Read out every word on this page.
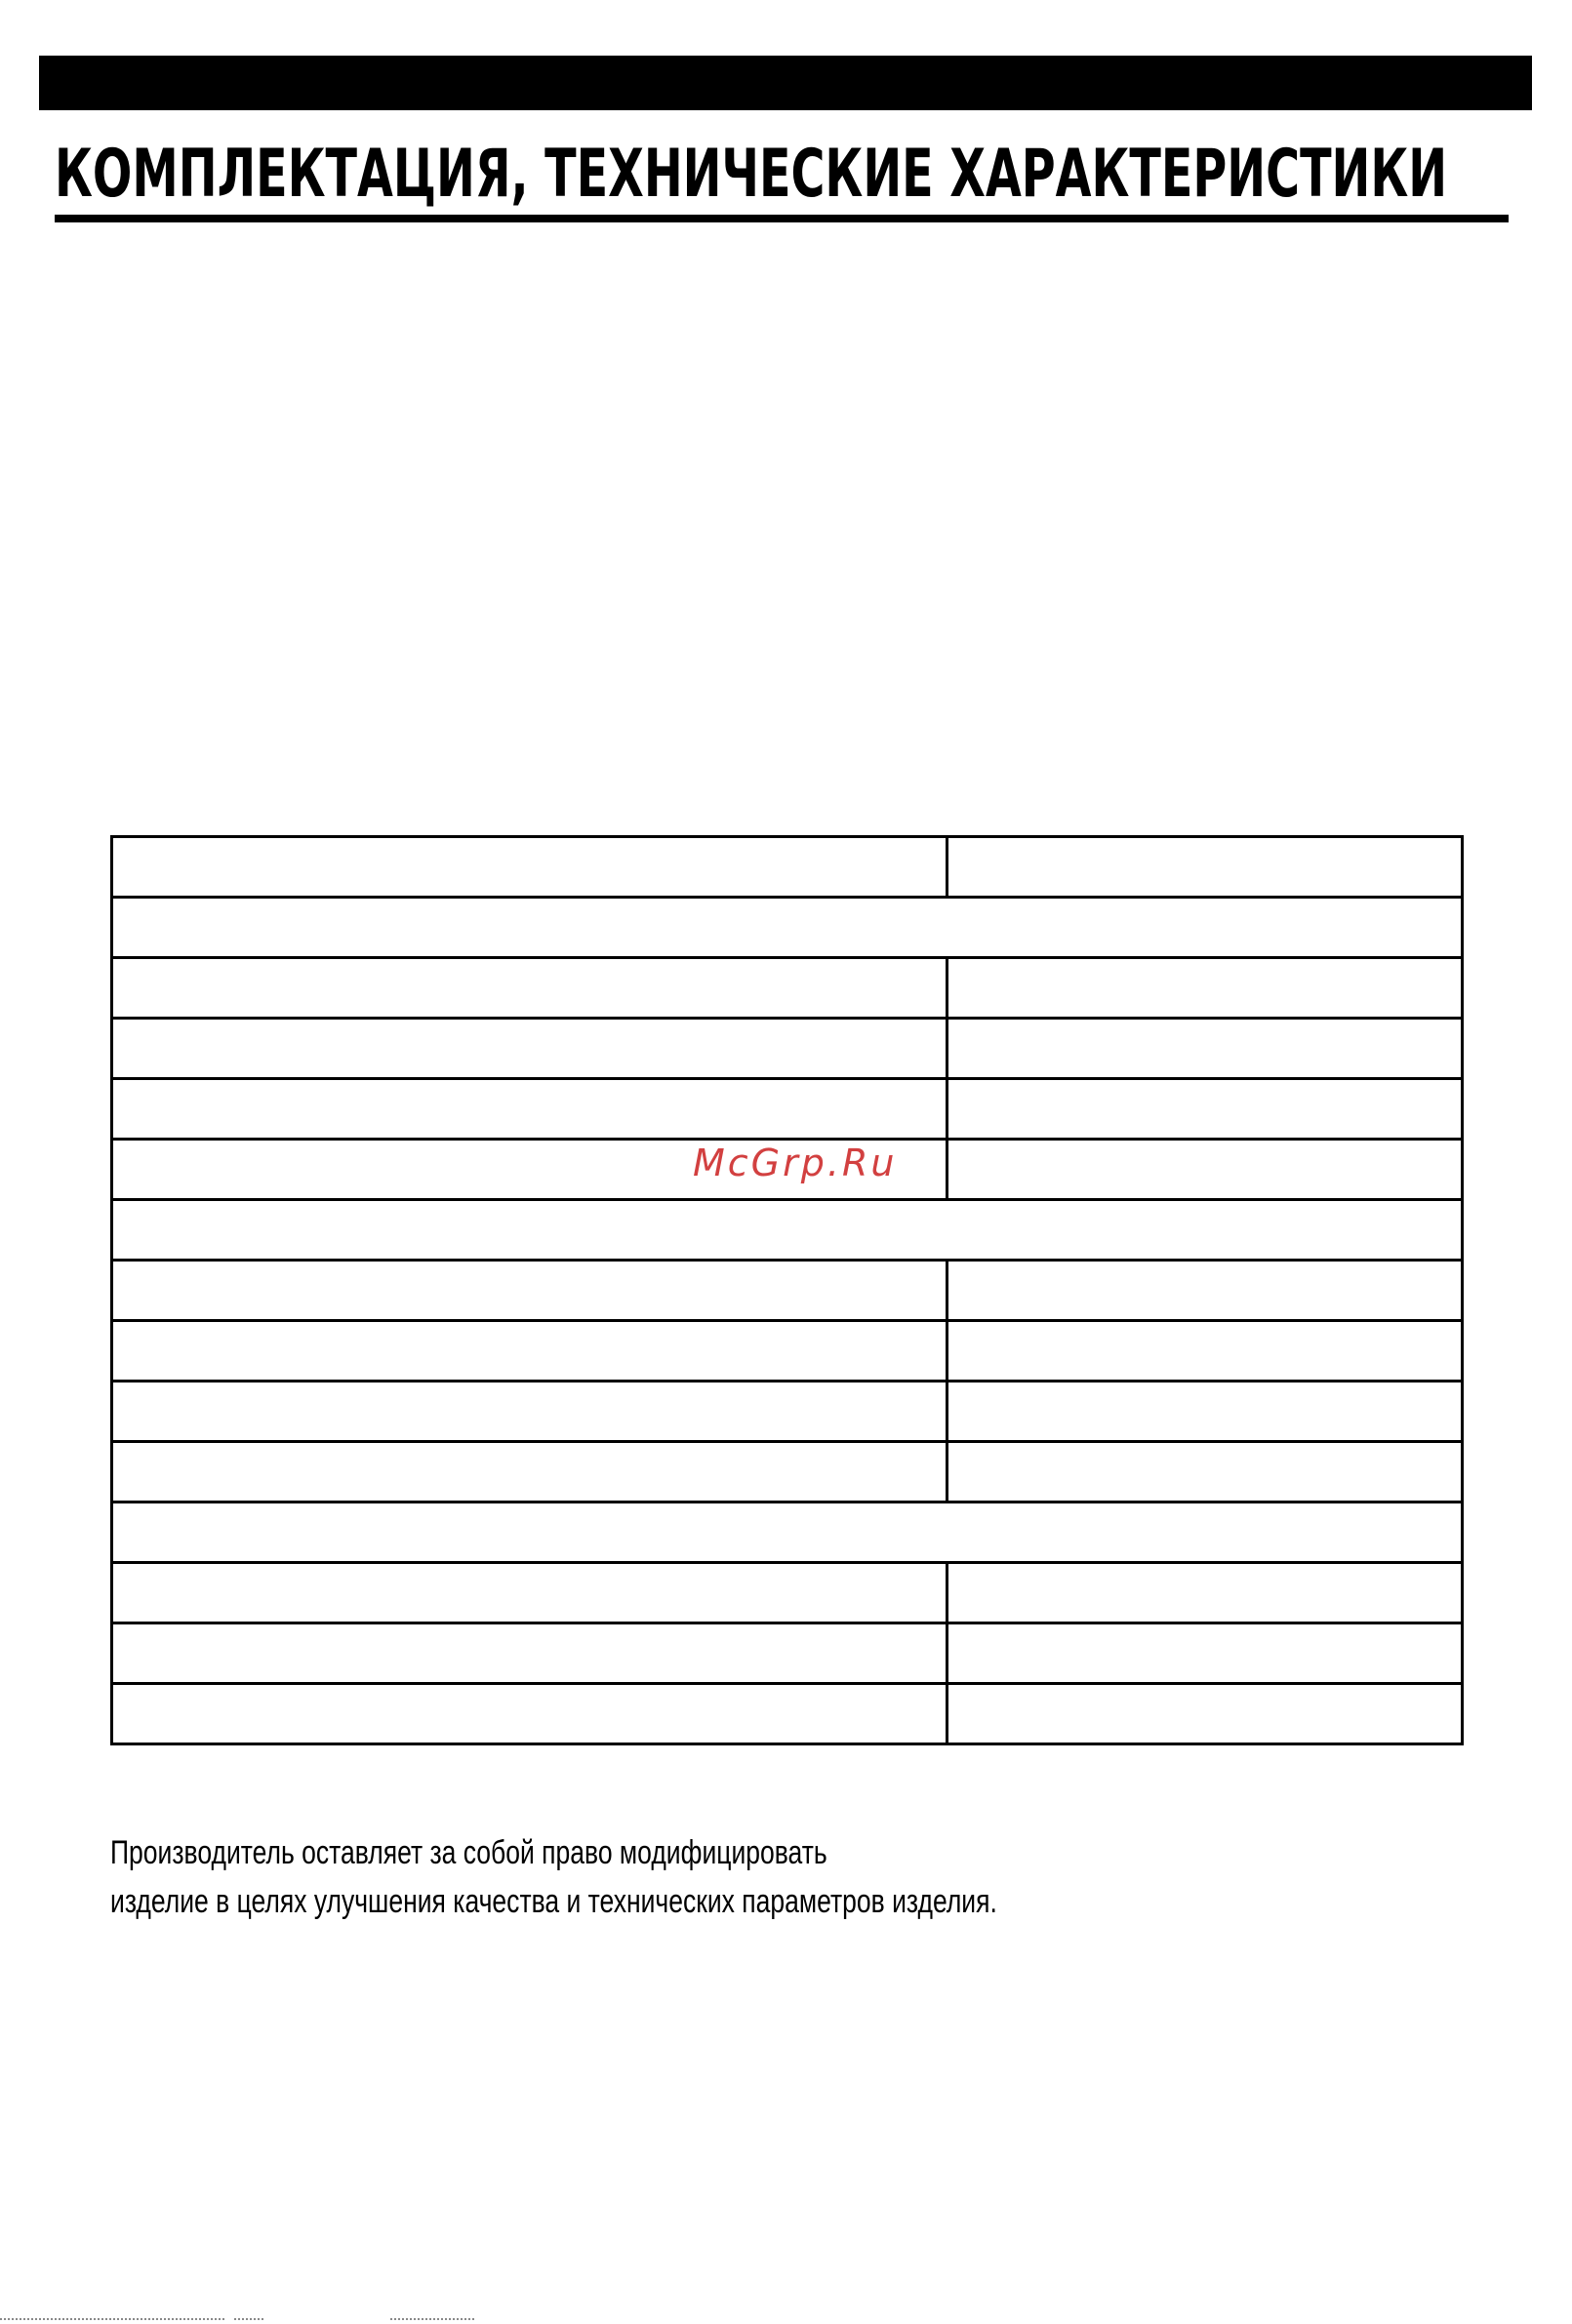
КОМПЛЕКТАЦИЯ, ТЕХНИЧЕСКИЕ ХАРАКТЕРИСТИКИ

McGrp.Ru
Производитель оставляет за собой право модифицировать
изделие в целях улучшения качества и технических параметров изделия.
